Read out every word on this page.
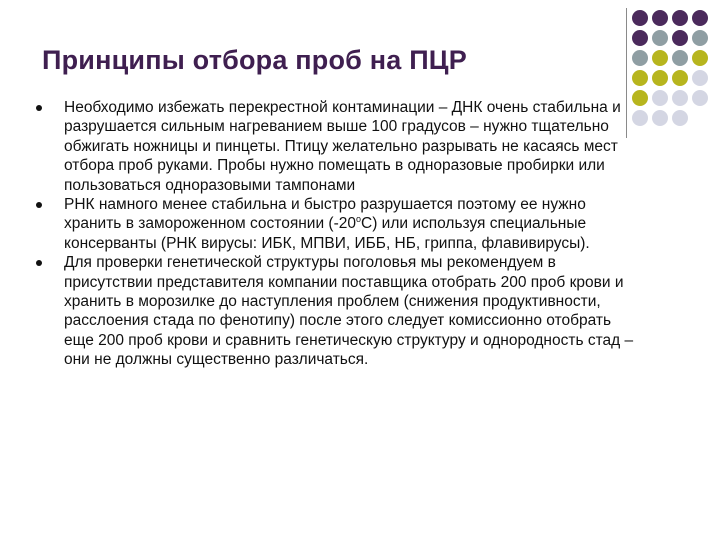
Принципы отбора проб на ПЦР
Необходимо избежать перекрестной контаминации – ДНК очень стабильна и разрушается сильным нагреванием выше 100 градусов – нужно тщательно обжигать ножницы и пинцеты. Птицу желательно разрывать не касаясь мест отбора проб руками. Пробы нужно помещать в одноразовые пробирки или пользоваться одноразовыми тампонами
РНК намного менее стабильна и быстро разрушается поэтому ее нужно хранить в замороженном состоянии (-20$^o$С) или используя специальные консерванты (РНК вирусы: ИБК, МПВИ, ИББ, НБ, гриппа, флавивирусы).
Для проверки генетической структуры поголовья мы рекомендуем в присутствии представителя компании поставщика отобрать 200 проб крови и хранить в морозилке до наступления проблем (снижения продуктивности, расслоения стада по фенотипу) после этого следует комиссионно отобрать еще 200 проб крови и сравнить генетическую структуру и однородность стад – они не должны существенно различаться.
